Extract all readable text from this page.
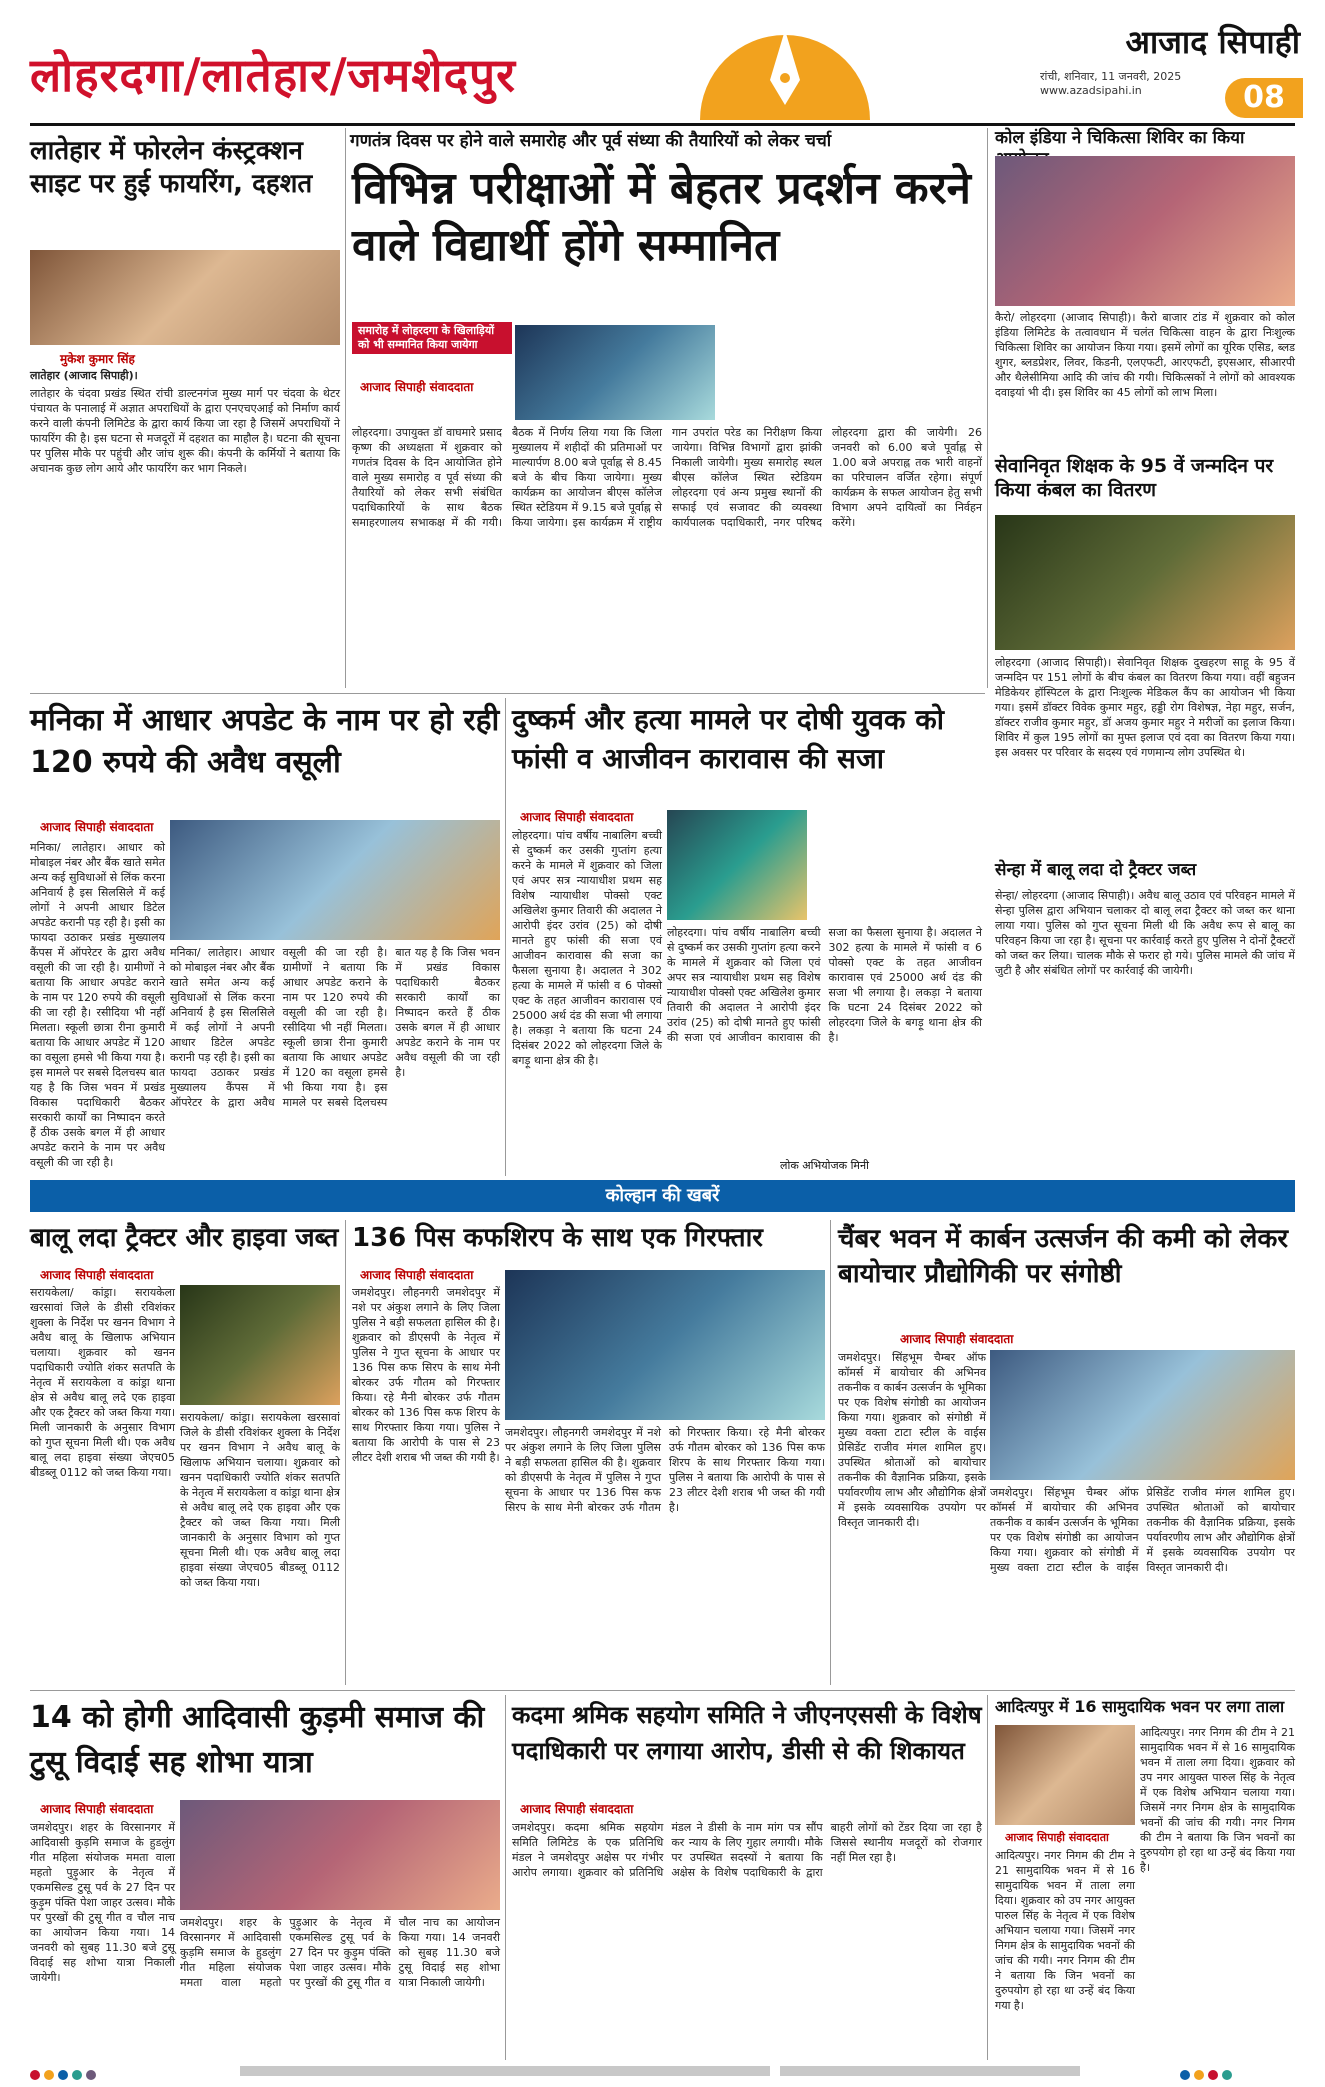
लोहरदगा/लातेहार/जमशेदपुर
आजाद सिपाही
रांची, शनिवार, 11 जनवरी, 2025
www.azadsipahi.in	08
गणतंत्र दिवस पर होने वाले समारोह और पूर्व संध्या की तैयारियों को लेकर चर्चा
लातेहार में फोरलेन कंस्ट्रक्शन साइट पर हुई फायरिंग, दहशत
मुकेश कुमार सिंह
लातेहार (आजाद सिपाही)।
लातेहार के चंदवा प्रखंड स्थित रांची डाल्टनगंज मुख्य मार्ग पर चंदवा के थेटर पंचायत के पनालाई में अज्ञात अपराधियों के द्वारा एनएचएआई को निर्माण कार्य करने वाली कंपनी लिमिटेड के द्वारा कार्य किया जा रहा है जिसमें अपराधियों ने फायरिंग की है। इस घटना से मजदूरों में दहशत का माहौल है। घटना की सूचना पर पुलिस मौके पर पहुंची और जांच शुरू की। कंपनी के कर्मियों ने बताया कि अचानक कुछ लोग आये और फायरिंग कर भाग निकले।
विभिन्न परीक्षाओं में बेहतर प्रदर्शन करने वाले विद्यार्थी होंगे सम्मानित
समारोह में लोहरदगा के खिलाड़ियों को भी सम्मानित किया जायेगा
आजाद सिपाही संवाददाता
लोहरदगा। उपायुक्त डॉ वाघमारे प्रसाद कृष्ण की अध्यक्षता में शुक्रवार को गणतंत्र दिवस के दिन आयोजित होने वाले मुख्य समारोह व पूर्व संध्या की तैयारियों को लेकर सभी संबंधित पदाधिकारियों के साथ बैठक समाहरणालय सभाकक्ष में की गयी। बैठक में निर्णय लिया गया कि जिला मुख्यालय में शहीदों की प्रतिमाओं पर माल्यार्पण 8.00 बजे पूर्वाह्न से 8.45 बजे के बीच किया जायेगा। मुख्य कार्यक्रम का आयोजन बीएस कॉलेज स्थित स्टेडियम में 9.15 बजे पूर्वाह्न से किया जायेगा। इस कार्यक्रम में राष्ट्रीय गान उपरांत परेड का निरीक्षण किया जायेगा। विभिन्न विभागों द्वारा झांकी निकाली जायेगी। मुख्य समारोह स्थल बीएस कॉलेज स्थित स्टेडियम लोहरदगा एवं अन्य प्रमुख स्थानों की सफाई एवं सजावट की व्यवस्था कार्यपालक पदाधिकारी, नगर परिषद लोहरदगा द्वारा की जायेगी। 26 जनवरी को 6.00 बजे पूर्वाह्न से 1.00 बजे अपराह्न तक भारी वाहनों का परिचालन वर्जित रहेगा। संपूर्ण कार्यक्रम के सफल आयोजन हेतु सभी विभाग अपने दायित्वों का निर्वहन करेंगे।
कोल इंडिया ने चिकित्सा शिविर का किया
कैरो/ लोहरदगा (आजाद सिपाही)। कैरो बाजार टांड में शुक्रवार को कोल इंडिया लिमिटेड के तत्वावधान में चलंत चिकित्सा वाहन के द्वारा निःशुल्क चिकित्सा शिविर का आयोजन किया गया। इसमें लोगों का यूरिक एसिड, ब्लड शुगर, ब्लडप्रेशर, लिवर, किडनी, एलएफटी, आरएफटी, इएसआर, सीआरपी और थैलेसीमिया आदि की जांच की गयी। चिकित्सकों ने लोगों को आवश्यक दवाइयां भी दी। इस शिविर का 45 लोगों को लाभ मिला।
सेवानिवृत शिक्षक के 95 वें जन्मदिन पर किया कंबल का वितरण
लोहरदगा (आजाद सिपाही)। सेवानिवृत शिक्षक दुखहरण साहू के 95 वें जन्मदिन पर 151 लोगों के बीच कंबल का वितरण किया गया। वहीं बहुजन मेडिकेयर हॉस्पिटल के द्वारा निःशुल्क मेडिकल कैंप का आयोजन भी किया गया। इसमें डॉक्टर विवेक कुमार महुर, हड्डी रोग विशेषज्ञ, नेहा महुर, सर्जन, डॉक्टर राजीव कुमार महुर, डॉ अजय कुमार महुर ने मरीजों का इलाज किया। शिविर में कुल 195 लोगों का मुफ्त इलाज एवं दवा का वितरण किया गया। इस अवसर पर परिवार के सदस्य एवं गणमान्य लोग उपस्थित थे।
सेन्हा में बालू लदा दो ट्रैक्टर जब्त
सेन्हा/ लोहरदगा (आजाद सिपाही)। अवैध बालू उठाव एवं परिवहन मामले में सेन्हा पुलिस द्वारा अभियान चलाकर दो बालू लदा ट्रैक्टर को जब्त कर थाना लाया गया। पुलिस को गुप्त सूचना मिली थी कि अवैध रूप से बालू का परिवहन किया जा रहा है। सूचना पर कार्रवाई करते हुए पुलिस ने दोनों ट्रैक्टरों को जब्त कर लिया। चालक मौके से फरार हो गये। पुलिस मामले की जांच में जुटी है और संबंधित लोगों पर कार्रवाई की जायेगी।
मनिका में आधार अपडेट के नाम पर हो रही 120 रुपये की अवैध वसूली
आजाद सिपाही संवाददाता
मनिका/ लातेहार। आधार को मोबाइल नंबर और बैंक खाते समेत अन्य कई सुविधाओं से लिंक करना अनिवार्य है इस सिलसिले में कई लोगों ने अपनी आधार डिटेल अपडेट करानी पड़ रही है। इसी का फायदा उठाकर प्रखंड मुख्यालय कैंपस में ऑपरेटर के द्वारा अवैध वसूली की जा रही है। ग्रामीणों ने बताया कि आधार अपडेट कराने के नाम पर 120 रुपये की वसूली की जा रही है। रसीदिया भी नहीं मिलता। स्कूली छात्रा रीना कुमारी बताया कि आधार अपडेट में 120 का वसूला हमसे भी किया गया है। इस मामले पर सबसे दिलचस्प बात यह है कि जिस भवन में प्रखंड विकास पदाधिकारी बैठकर सरकारी कार्यों का निष्पादन करते हैं ठीक उसके बगल में ही आधार अपडेट कराने के नाम पर अवैध वसूली की जा रही है।
मनिका/ लातेहार। आधार को मोबाइल नंबर और बैंक खाते समेत अन्य कई सुविधाओं से लिंक करना अनिवार्य है इस सिलसिले में कई लोगों ने अपनी आधार डिटेल अपडेट करानी पड़ रही है। इसी का फायदा उठाकर प्रखंड मुख्यालय कैंपस में ऑपरेटर के द्वारा अवैध वसूली की जा रही है। ग्रामीणों ने बताया कि आधार अपडेट कराने के नाम पर 120 रुपये की वसूली की जा रही है। रसीदिया भी नहीं मिलता। स्कूली छात्रा रीना कुमारी बताया कि आधार अपडेट में 120 का वसूला हमसे भी किया गया है। इस मामले पर सबसे दिलचस्प बात यह है कि जिस भवन में प्रखंड विकास पदाधिकारी बैठकर सरकारी कार्यों का निष्पादन करते हैं ठीक उसके बगल में ही आधार अपडेट कराने के नाम पर अवैध वसूली की जा रही है।
दुष्कर्म और हत्या मामले पर दोषी युवक को फांसी व आजीवन कारावास की सजा
आजाद सिपाही संवाददाता
लोहरदगा। पांच वर्षीय नाबालिग बच्ची से दुष्कर्म कर उसकी गुप्तांग हत्या करने के मामले में शुक्रवार को जिला एवं अपर सत्र न्यायाधीश प्रथम सह विशेष न्यायाधीश पोक्सो एक्ट अखिलेश कुमार तिवारी की अदालत ने आरोपी इंदर उरांव (25) को दोषी मानते हुए फांसी की सजा एवं आजीवन कारावास की सजा का फैसला सुनाया है। अदालत ने 302 हत्या के मामले में फांसी व 6 पोक्सो एक्ट के तहत आजीवन कारावास एवं 25000 अर्थ दंड की सजा भी लगाया है। लकड़ा ने बताया कि घटना 24 दिसंबर 2022 को लोहरदगा जिले के बगड़ू थाना क्षेत्र की है।
लोहरदगा। पांच वर्षीय नाबालिग बच्ची से दुष्कर्म कर उसकी गुप्तांग हत्या करने के मामले में शुक्रवार को जिला एवं अपर सत्र न्यायाधीश प्रथम सह विशेष न्यायाधीश पोक्सो एक्ट अखिलेश कुमार तिवारी की अदालत ने आरोपी इंदर उरांव (25) को दोषी मानते हुए फांसी की सजा एवं आजीवन कारावास की सजा का फैसला सुनाया है। अदालत ने 302 हत्या के मामले में फांसी व 6 पोक्सो एक्ट के तहत आजीवन कारावास एवं 25000 अर्थ दंड की सजा भी लगाया है। लकड़ा ने बताया कि घटना 24 दिसंबर 2022 को लोहरदगा जिले के बगड़ू थाना क्षेत्र की है।
लोक अभियोजक मिनी
कोल्हान की खबरें
बालू लदा ट्रैक्टर और हाइवा जब्त
आजाद सिपाही संवाददाता
सरायकेला/ कांड्रा। सरायकेला खरसावां जिले के डीसी रविशंकर शुक्ला के निर्देश पर खनन विभाग ने अवैध बालू के खिलाफ अभियान चलाया। शुक्रवार को खनन पदाधिकारी ज्योति शंकर सतपति के नेतृत्व में सरायकेला व कांड्रा थाना क्षेत्र से अवैध बालू लदे एक हाइवा और एक ट्रैक्टर को जब्त किया गया। मिली जानकारी के अनुसार विभाग को गुप्त सूचना मिली थी। एक अवैध बालू लदा हाइवा संख्या जेएच05 बीडब्लू 0112 को जब्त किया गया।
सरायकेला/ कांड्रा। सरायकेला खरसावां जिले के डीसी रविशंकर शुक्ला के निर्देश पर खनन विभाग ने अवैध बालू के खिलाफ अभियान चलाया। शुक्रवार को खनन पदाधिकारी ज्योति शंकर सतपति के नेतृत्व में सरायकेला व कांड्रा थाना क्षेत्र से अवैध बालू लदे एक हाइवा और एक ट्रैक्टर को जब्त किया गया। मिली जानकारी के अनुसार विभाग को गुप्त सूचना मिली थी। एक अवैध बालू लदा हाइवा संख्या जेएच05 बीडब्लू 0112 को जब्त किया गया।
136 पिस कफशिरप के साथ एक गिरफ्तार
आजाद सिपाही संवाददाता
जमशेदपुर। लौहनगरी जमशेदपुर में नशे पर अंकुश लगाने के लिए जिला पुलिस ने बड़ी सफलता हासिल की है। शुक्रवार को डीएसपी के नेतृत्व में पुलिस ने गुप्त सूचना के आधार पर 136 पिस कफ सिरप के साथ मेनी बोरकर उर्फ गौतम को गिरफ्तार किया। रहे मैनी बोरकर उर्फ गौतम बोरकर को 136 पिस कफ शिरप के साथ गिरफ्तार किया गया। पुलिस ने बताया कि आरोपी के पास से 23 लीटर देशी शराब भी जब्त की गयी है।
जमशेदपुर। लौहनगरी जमशेदपुर में नशे पर अंकुश लगाने के लिए जिला पुलिस ने बड़ी सफलता हासिल की है। शुक्रवार को डीएसपी के नेतृत्व में पुलिस ने गुप्त सूचना के आधार पर 136 पिस कफ सिरप के साथ मेनी बोरकर उर्फ गौतम को गिरफ्तार किया। रहे मैनी बोरकर उर्फ गौतम बोरकर को 136 पिस कफ शिरप के साथ गिरफ्तार किया गया। पुलिस ने बताया कि आरोपी के पास से 23 लीटर देशी शराब भी जब्त की गयी है।
चैंबर भवन में कार्बन उत्सर्जन की कमी को लेकर बायोचार प्रौद्योगिकी पर संगोष्ठी
आजाद सिपाही संवाददाता
जमशेदपुर। सिंहभूम चैम्बर ऑफ कॉमर्स में बायोचार की अभिनव तकनीक व कार्बन उत्सर्जन के भूमिका पर एक विशेष संगोष्ठी का आयोजन किया गया। शुक्रवार को संगोष्ठी में मुख्य वक्ता टाटा स्टील के वाईस प्रेसिडेंट राजीव मंगल शामिल हुए। उपस्थित श्रोताओं को बायोचार तकनीक की वैज्ञानिक प्रक्रिया, इसके पर्यावरणीय लाभ और औद्योगिक क्षेत्रों में इसके व्यवसायिक उपयोग पर विस्तृत जानकारी दी।
जमशेदपुर। सिंहभूम चैम्बर ऑफ कॉमर्स में बायोचार की अभिनव तकनीक व कार्बन उत्सर्जन के भूमिका पर एक विशेष संगोष्ठी का आयोजन किया गया। शुक्रवार को संगोष्ठी में मुख्य वक्ता टाटा स्टील के वाईस प्रेसिडेंट राजीव मंगल शामिल हुए। उपस्थित श्रोताओं को बायोचार तकनीक की वैज्ञानिक प्रक्रिया, इसके पर्यावरणीय लाभ और औद्योगिक क्षेत्रों में इसके व्यवसायिक उपयोग पर विस्तृत जानकारी दी।
14 को होगी आदिवासी कुड़मी समाज की टुसू विदाई सह शोभा यात्रा
आजाद सिपाही संवाददाता
जमशेदपुर। शहर के विरसानगर में आदिवासी कुड़मि समाज के हुडलुंग गीत महिला संयोजक ममता वाला महतो पुड़ुआर के नेतृत्व में एकमसिल्ड टुसू पर्व के 27 दिन पर कुड़ुम पंक्ति पेशा जाहर उत्सव। मौके पर पुरखों की टुसू गीत व चौल नाच का आयोजन किया गया। 14 जनवरी को सुबह 11.30 बजे टुसू विदाई सह शोभा यात्रा निकाली जायेगी।
जमशेदपुर। शहर के विरसानगर में आदिवासी कुड़मि समाज के हुडलुंग गीत महिला संयोजक ममता वाला महतो पुड़ुआर के नेतृत्व में एकमसिल्ड टुसू पर्व के 27 दिन पर कुड़ुम पंक्ति पेशा जाहर उत्सव। मौके पर पुरखों की टुसू गीत व चौल नाच का आयोजन किया गया। 14 जनवरी को सुबह 11.30 बजे टुसू विदाई सह शोभा यात्रा निकाली जायेगी।
कदमा श्रमिक सहयोग समिति ने जीएनएससी के विशेष पदाधिकारी पर लगाया आरोप, डीसी से की शिकायत
आजाद सिपाही संवाददाता
जमशेदपुर। कदमा श्रमिक सहयोग समिति लिमिटेड के एक प्रतिनिधि मंडल ने जमशेदपुर अक्षेस पर गंभीर आरोप लगाया। शुक्रवार को प्रतिनिधि मंडल ने डीसी के नाम मांग पत्र सौंप कर न्याय के लिए गुहार लगायी। मौके पर उपस्थित सदस्यों ने बताया कि अक्षेस के विशेष पदाधिकारी के द्वारा बाहरी लोगों को टेंडर दिया जा रहा है जिससे स्थानीय मजदूरों को रोजगार नहीं मिल रहा है।
आदित्यपुर में 16 सामुदायिक भवन पर लगा ताला
आजाद सिपाही संवाददाता
आदित्यपुर। नगर निगम की टीम ने 21 सामुदायिक भवन में से 16 सामुदायिक भवन में ताला लगा दिया। शुक्रवार को उप नगर आयुक्त पारुल सिंह के नेतृत्व में एक विशेष अभियान चलाया गया। जिसमें नगर निगम क्षेत्र के सामुदायिक भवनों की जांच की गयी। नगर निगम की टीम ने बताया कि जिन भवनों का दुरुपयोग हो रहा था उन्हें बंद किया गया है।
आदित्यपुर। नगर निगम की टीम ने 21 सामुदायिक भवन में से 16 सामुदायिक भवन में ताला लगा दिया। शुक्रवार को उप नगर आयुक्त पारुल सिंह के नेतृत्व में एक विशेष अभियान चलाया गया। जिसमें नगर निगम क्षेत्र के सामुदायिक भवनों की जांच की गयी। नगर निगम की टीम ने बताया कि जिन भवनों का दुरुपयोग हो रहा था उन्हें बंद किया गया है।
